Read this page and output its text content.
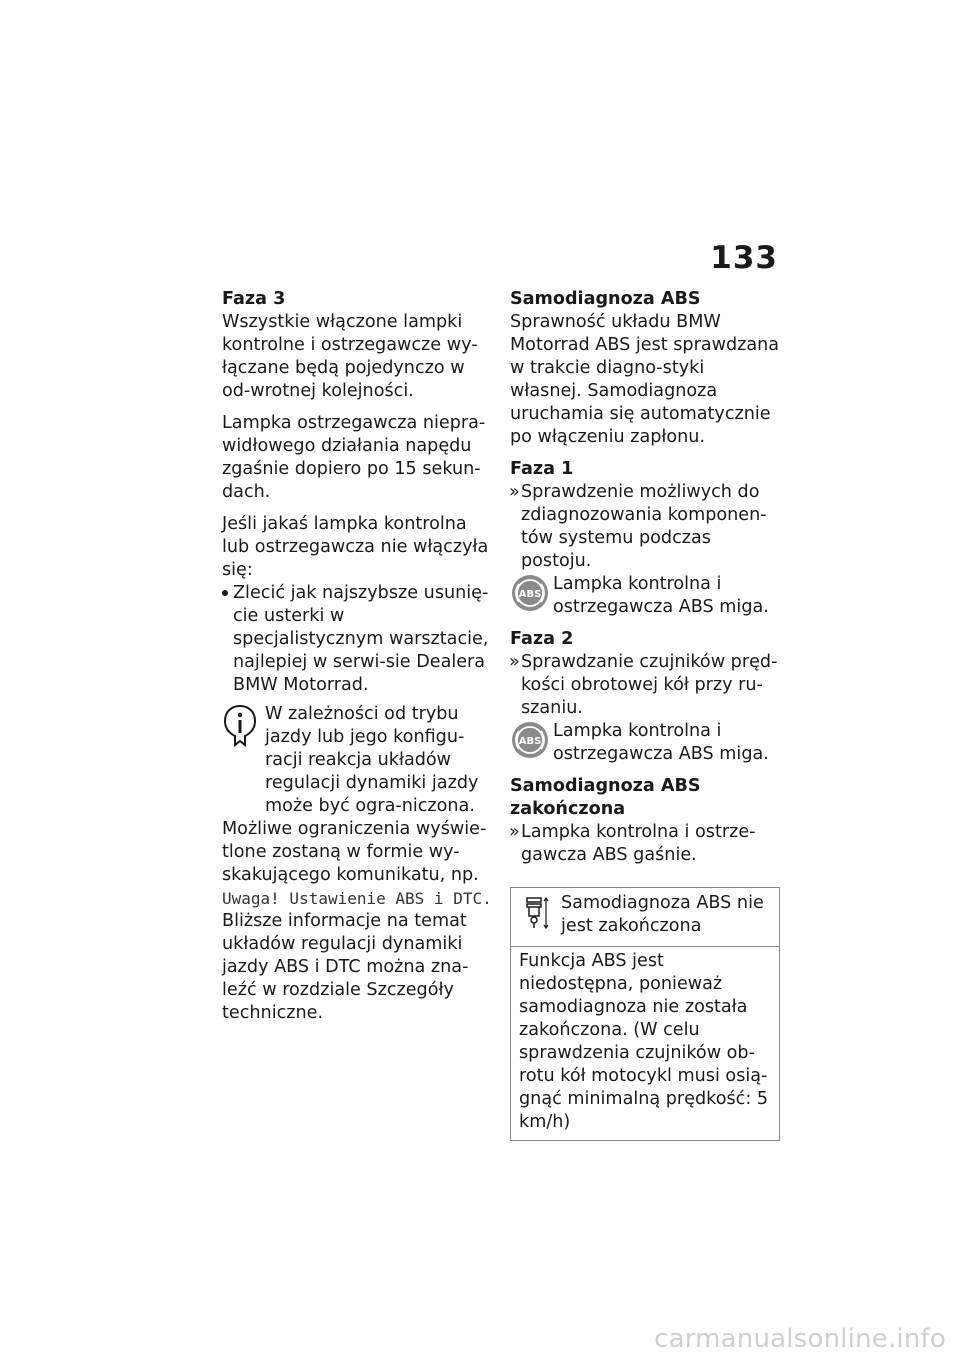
133

Faza 3

Wszystkie włączone lampki kontrolne i ostrzegawcze wy-łączane będą pojedynczo w od-wrotnej kolejności.

Lampka ostrzegawcza niepra-widłowego działania napędu zgaśnie dopiero po 15 sekun-dach.

Jeśli jakaś lampka kontrolna lub ostrzegawcza nie włączyła się:

Zlecić jak najszybsze usunię-cie usterki w specjalistycznym warsztacie, najlepiej w serwi-sie Dealera BMW Motorrad.
W zależności od trybu jazdy lub jego konfigu-racji reakcja układów regulacji dynamiki jazdy może być ogra-niczona.

Możliwe ograniczenia wyświe-tlone zostaną w formie wy-skakującego komunikatu, np.

Uwaga! Ustawienie ABS i DTC.

Bliższe informacje na temat układów regulacji dynamiki jazdy ABS i DTC można zna-leźć w rozdziale Szczegóły techniczne.

Samodiagnoza ABS

Sprawność układu BMW Motorrad ABS jest sprawdzana w trakcie diagno-styki własnej. Samodiagnoza uruchamia się automatycznie po włączeniu zapłonu.

Faza 1

» Sprawdzenie możliwych do zdiagnozowania komponen-tów systemu podczas postoju.
ABS
Lampka kontrolna i ostrzegawcza ABS miga.

Faza 2

» Sprawdzanie czujników pręd-kości obrotowej kół przy ru-szaniu.
ABS
Lampka kontrolna i ostrzegawcza ABS miga.

Samodiagnoza ABS zakończona

» Lampka kontrolna i ostrze-gawcza ABS gaśnie.
Samodiagnoza ABS nie jest zakończona
Funkcja ABS jest niedostępna, ponieważ samodiagnoza nie została zakończona. (W celu sprawdzenia czujników ob-rotu kół motocykl musi osią-gnąć minimalną prędkość: 5 km/h)
carmanualsonline.info
